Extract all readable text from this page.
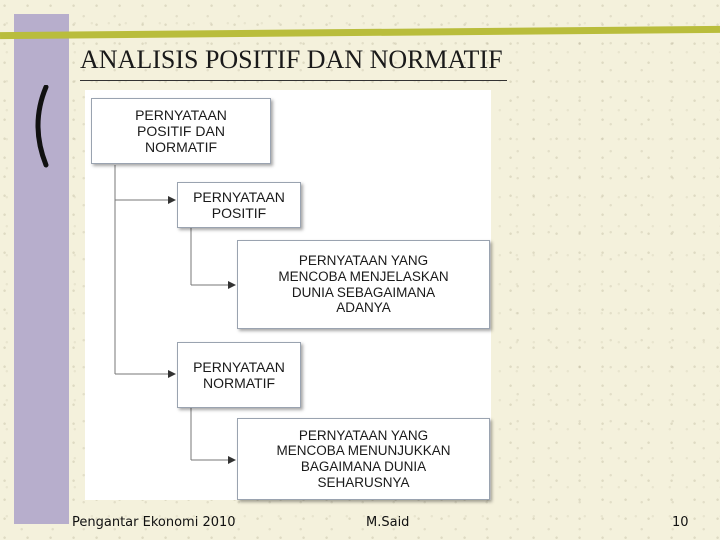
ANALISIS POSITIF DAN NORMATIF
PERNYATAAN
POSITIF DAN
NORMATIF
PERNYATAAN
POSITIF
PERNYATAAN YANG
MENCOBA MENJELASKAN
DUNIA SEBAGAIMANA
ADANYA
PERNYATAAN
NORMATIF
PERNYATAAN YANG
MENCOBA MENUNJUKKAN
BAGAIMANA DUNIA
SEHARUSNYA
Pengantar Ekonomi 2010	M.Said	10
